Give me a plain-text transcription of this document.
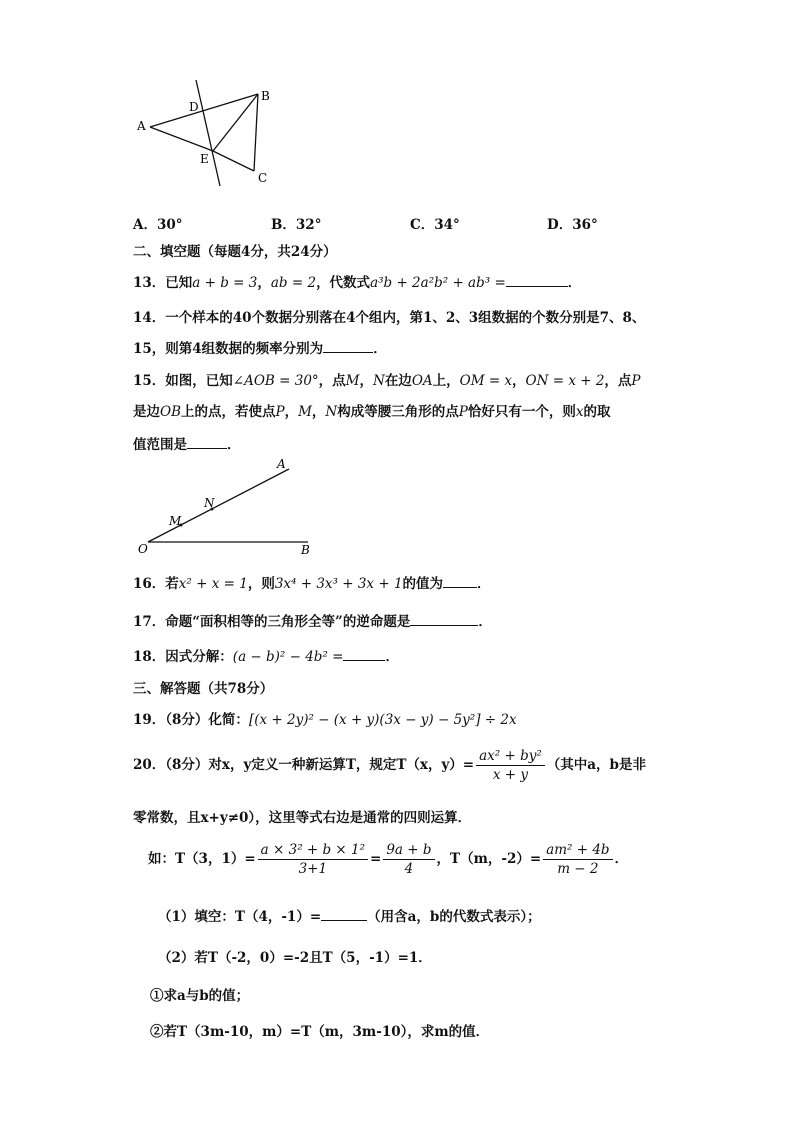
A
B
C
D
E
A．30°	B．32°	C．34°	D．36°
二、填空题（每题4分，共24分）
13．已知a + b = 3，ab = 2，代数式a³b + 2a²b² + ab³ =	．
14．一个样本的40个数据分别落在4个组内，第1、2、3组数据的个数分别是7、8、
15，则第4组数据的频率分别为	．
15．如图，已知∠AOB = 30°，点M，N在边OA上，OM = x，ON = x + 2，点P
是边OB上的点，若使点P，M，N构成等腰三角形的点P恰好只有一个，则x的取
值范围是	．
O
M
N
A
B
16．若x² + x = 1，则3x⁴ + 3x³ + 3x + 1的值为	．
17．命题“面积相等的三角形全等”的逆命题是	．
18．因式分解：(a − b)² − 4b² =	．
三、解答题（共78分）
19．（8分）化简：[(x + 2y)² − (x + y)(3x − y) − 5y²] ÷ 2x
20．（8分）对x，y定义一种新运算T，规定T（x，$y)= \frac{\text{ax² + by²}}{x + y}$ （其中a，b是非
零常数，且x+y≠0），这里等式右边是通常的四则运算．
如：T（3，$1)= \frac{\text{a × 3² + b × 1²}}{3+1} = \frac{9a + b}{4}$ ，T（m，$-2)= \frac{\text{am² + 4b}}{m - 2}$ ．
（1）填空：T（4，-1）=	（用含a，b的代数式表示）；
（2）若T（-2，0）=-2且T（5，-1）=1．
①求a与b的值；
②若T（3m-10，m）=T（m，3m-10），求m的值．
